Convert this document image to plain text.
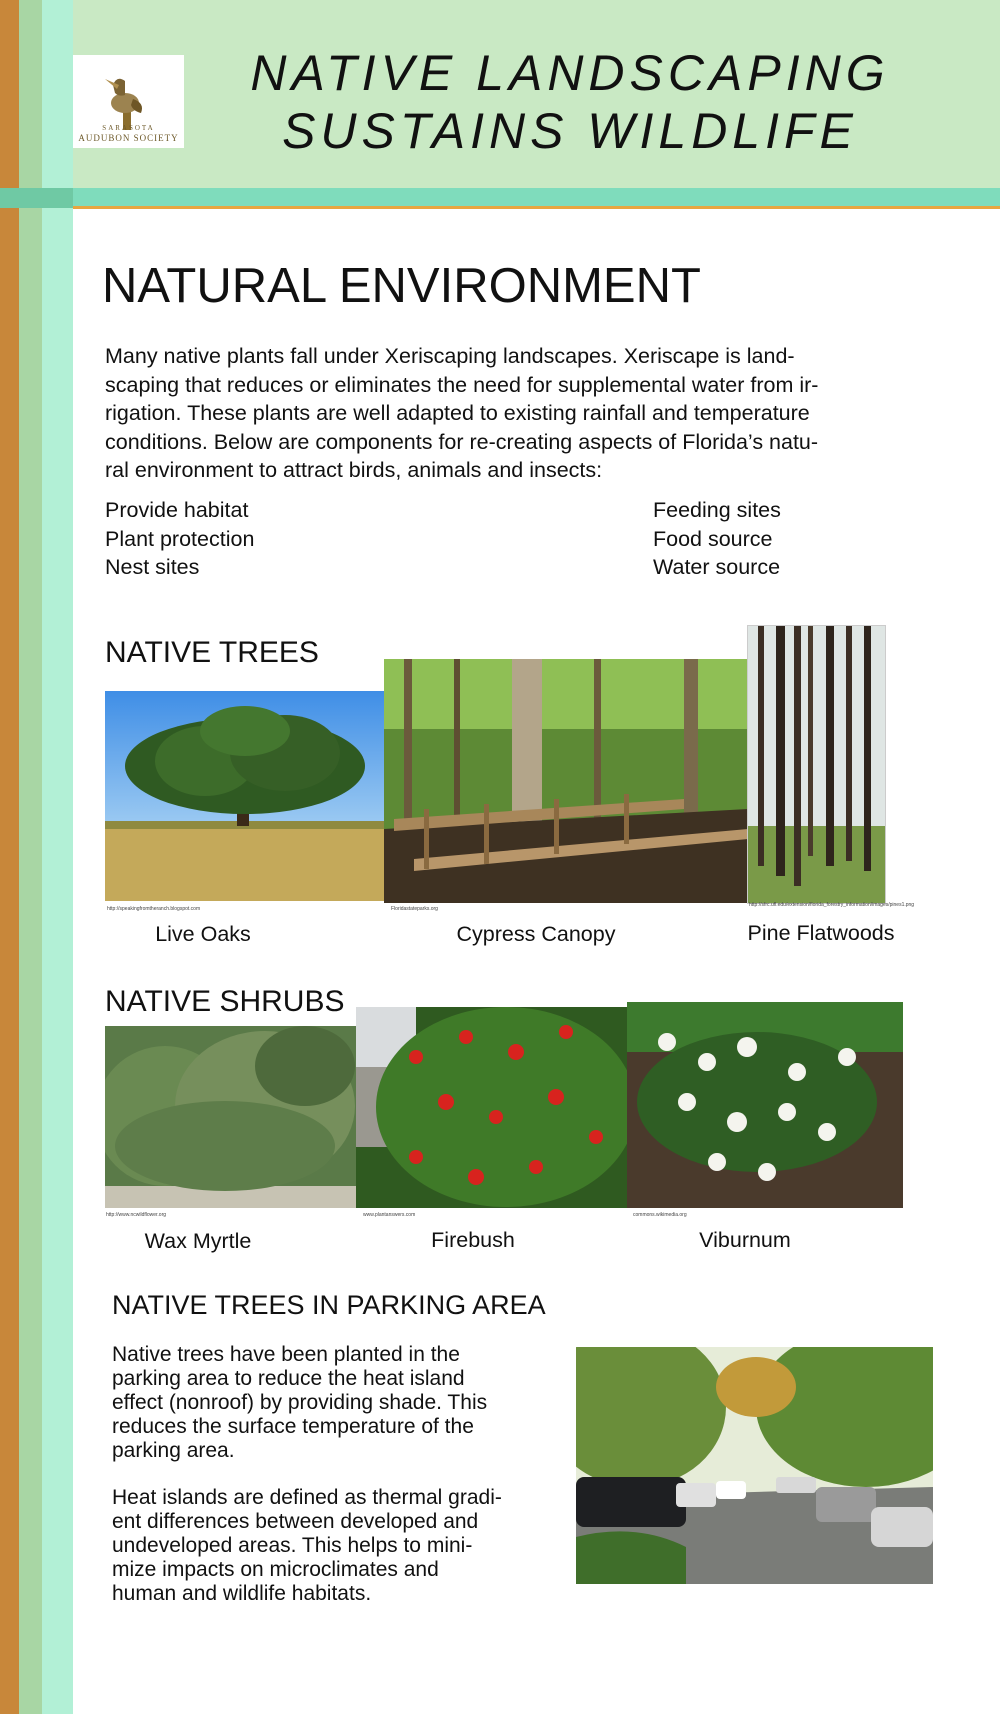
SARASOTA
AUDUBON SOCIETY
NATIVE LANDSCAPING
SUSTAINS WILDLIFE
NATURAL ENVIRONMENT
Many native plants fall under Xeriscaping landscapes. Xeriscape is land-
scaping that reduces or eliminates the need for supplemental water from ir-
rigation. These plants are well adapted to existing rainfall and temperature
conditions. Below are components for re-creating aspects of Florida’s natu-
ral environment to attract birds, animals and insects:
Provide habitat
Plant protection
Nest sites
Feeding sites
Food source
Water source
NATIVE TREES
http://speakingfromtheranch.blogspot.com	Floridastateparks.org
http://sfrc.ufl.edu/extension/florida_forestry_information/images/pines1.png
Live Oaks	Cypress Canopy	Pine Flatwoods
NATIVE SHRUBS
http://www.ncwildflower.org	www.plantanswers.com	commons.wikimedia.org
Wax Myrtle	Firebush	Viburnum
NATIVE TREES IN PARKING AREA
Native trees have been planted in the
parking area to reduce the heat island
effect (nonroof) by providing shade. This
reduces the surface temperature of the
parking area.
Heat islands are defined as thermal gradi-
ent differences between developed and
undeveloped areas. This helps to mini-
mize impacts on microclimates and
human and wildlife habitats.
